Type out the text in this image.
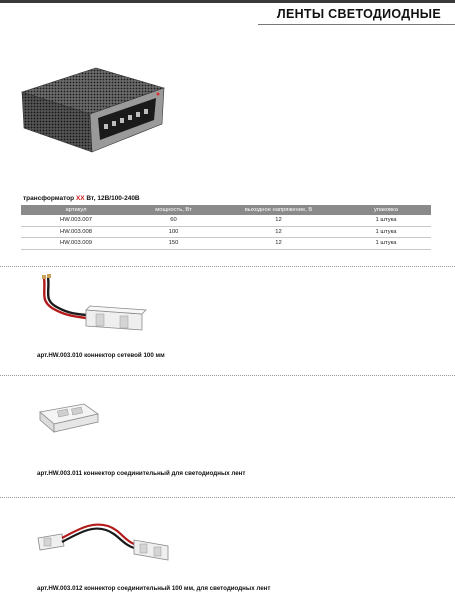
ЛЕНТЫ СВЕТОДИОДНЫЕ
трансформатор XX Вт, 12В/100-240В
артикул	мощность, Вт	выходное напряжение, В	упаковка
HW.003.007	60	12	1 штука
HW.003.008	100	12	1 штука
HW.003.009	150	12	1 штука
арт.HW.003.010 коннектор сетевой 100 мм
арт.HW.003.011 коннектор соединительный для светодиодных лент
арт.HW.003.012 коннектор соединительный 100 мм, для светодиодных лент
